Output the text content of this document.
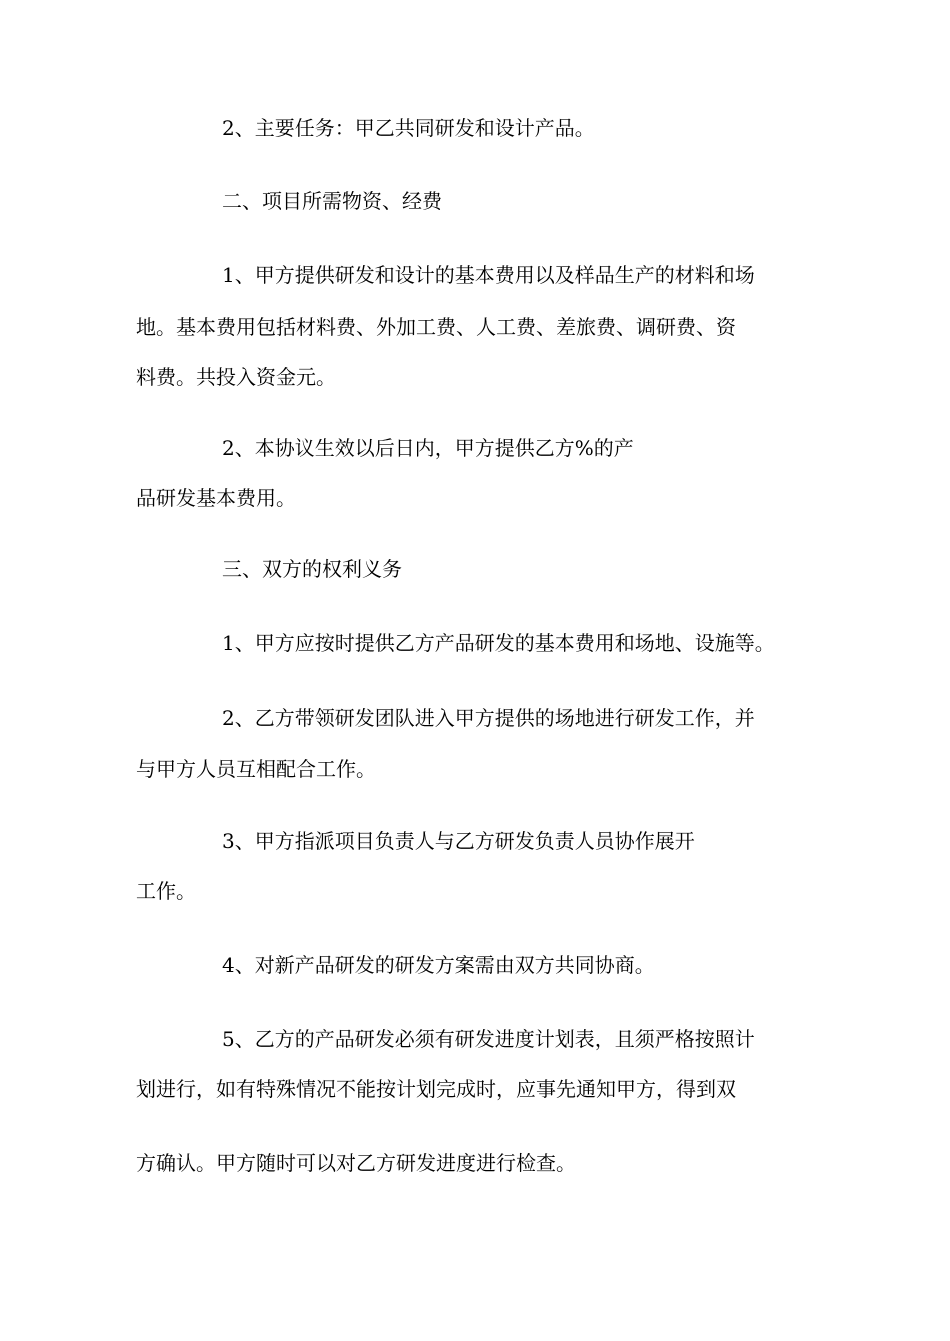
2、主要任务：甲乙共同研发和设计产品。

二、项目所需物资、经费

1、甲方提供研发和设计的基本费用以及样品生产的材料和场

地。基本费用包括材料费、外加工费、人工费、差旅费、调研费、资

料费。共投入资金元。

2、本协议生效以后日内，甲方提供乙方%的产

品研发基本费用。

三、双方的权利义务

1、甲方应按时提供乙方产品研发的基本费用和场地、设施等。

2、乙方带领研发团队进入甲方提供的场地进行研发工作，并

与甲方人员互相配合工作。

3、甲方指派项目负责人与乙方研发负责人员协作展开

工作。

4、对新产品研发的研发方案需由双方共同协商。

5、乙方的产品研发必须有研发进度计划表，且须严格按照计

划进行，如有特殊情况不能按计划完成时，应事先通知甲方，得到双

方确认。甲方随时可以对乙方研发进度进行检查。
